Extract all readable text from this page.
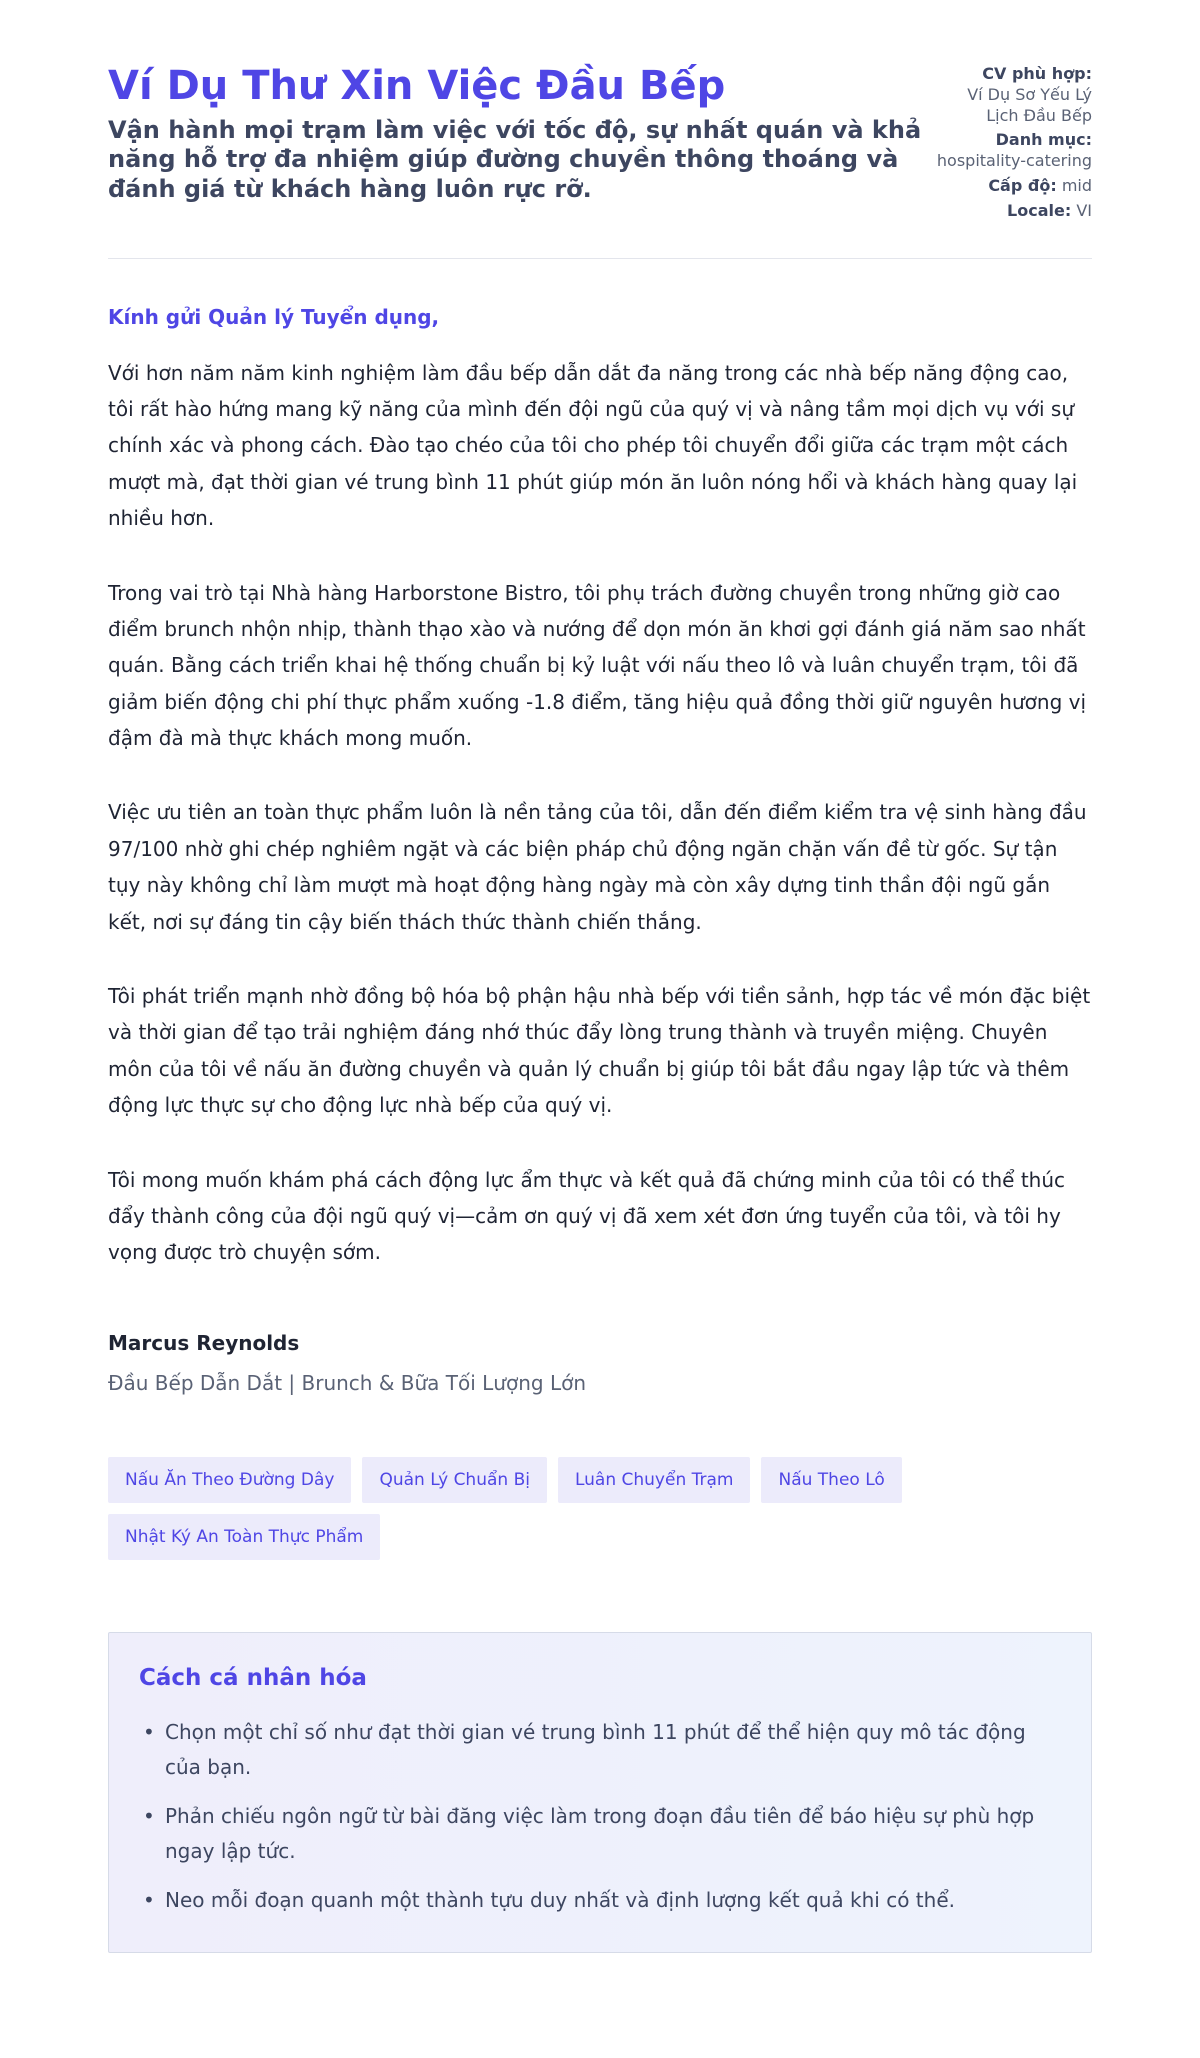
Ví Dụ Thư Xin Việc Đầu Bếp
Vận hành mọi trạm làm việc với tốc độ, sự nhất quán và khả năng hỗ trợ đa nhiệm giúp đường chuyền thông thoáng và đánh giá từ khách hàng luôn rực rỡ.
CV phù hợp:
Ví Dụ Sơ Yếu Lý Lịch Đầu Bếp
Danh mục:
hospitality-catering
Cấp độ: mid
Locale: VI

Kính gửi Quản lý Tuyển dụng,

Với hơn năm năm kinh nghiệm làm đầu bếp dẫn dắt đa năng trong các nhà bếp năng động cao, tôi rất hào hứng mang kỹ năng của mình đến đội ngũ của quý vị và nâng tầm mọi dịch vụ với sự chính xác và phong cách. Đào tạo chéo của tôi cho phép tôi chuyển đổi giữa các trạm một cách mượt mà, đạt thời gian vé trung bình 11 phút giúp món ăn luôn nóng hổi và khách hàng quay lại nhiều hơn.

Trong vai trò tại Nhà hàng Harborstone Bistro, tôi phụ trách đường chuyền trong những giờ cao điểm brunch nhộn nhịp, thành thạo xào và nướng để dọn món ăn khơi gợi đánh giá năm sao nhất quán. Bằng cách triển khai hệ thống chuẩn bị kỷ luật với nấu theo lô và luân chuyển trạm, tôi đã giảm biến động chi phí thực phẩm xuống -1.8 điểm, tăng hiệu quả đồng thời giữ nguyên hương vị đậm đà mà thực khách mong muốn.

Việc ưu tiên an toàn thực phẩm luôn là nền tảng của tôi, dẫn đến điểm kiểm tra vệ sinh hàng đầu 97/100 nhờ ghi chép nghiêm ngặt và các biện pháp chủ động ngăn chặn vấn đề từ gốc. Sự tận tụy này không chỉ làm mượt mà hoạt động hàng ngày mà còn xây dựng tinh thần đội ngũ gắn kết, nơi sự đáng tin cậy biến thách thức thành chiến thắng.

Tôi phát triển mạnh nhờ đồng bộ hóa bộ phận hậu nhà bếp với tiền sảnh, hợp tác về món đặc biệt và thời gian để tạo trải nghiệm đáng nhớ thúc đẩy lòng trung thành và truyền miệng. Chuyên môn của tôi về nấu ăn đường chuyền và quản lý chuẩn bị giúp tôi bắt đầu ngay lập tức và thêm động lực thực sự cho động lực nhà bếp của quý vị.

Tôi mong muốn khám phá cách động lực ẩm thực và kết quả đã chứng minh của tôi có thể thúc đẩy thành công của đội ngũ quý vị—cảm ơn quý vị đã xem xét đơn ứng tuyển của tôi, và tôi hy vọng được trò chuyện sớm.

Marcus Reynolds
Đầu Bếp Dẫn Dắt | Brunch & Bữa Tối Lượng Lớn
Nấu Ăn Theo Đường Dây	Quản Lý Chuẩn Bị	Luân Chuyển Trạm	Nấu Theo Lô
Nhật Ký An Toàn Thực Phẩm
Cách cá nhân hóa
• Chọn một chỉ số như đạt thời gian vé trung bình 11 phút để thể hiện quy mô tác động của bạn.
• Phản chiếu ngôn ngữ từ bài đăng việc làm trong đoạn đầu tiên để báo hiệu sự phù hợp ngay lập tức.
• Neo mỗi đoạn quanh một thành tựu duy nhất và định lượng kết quả khi có thể.
